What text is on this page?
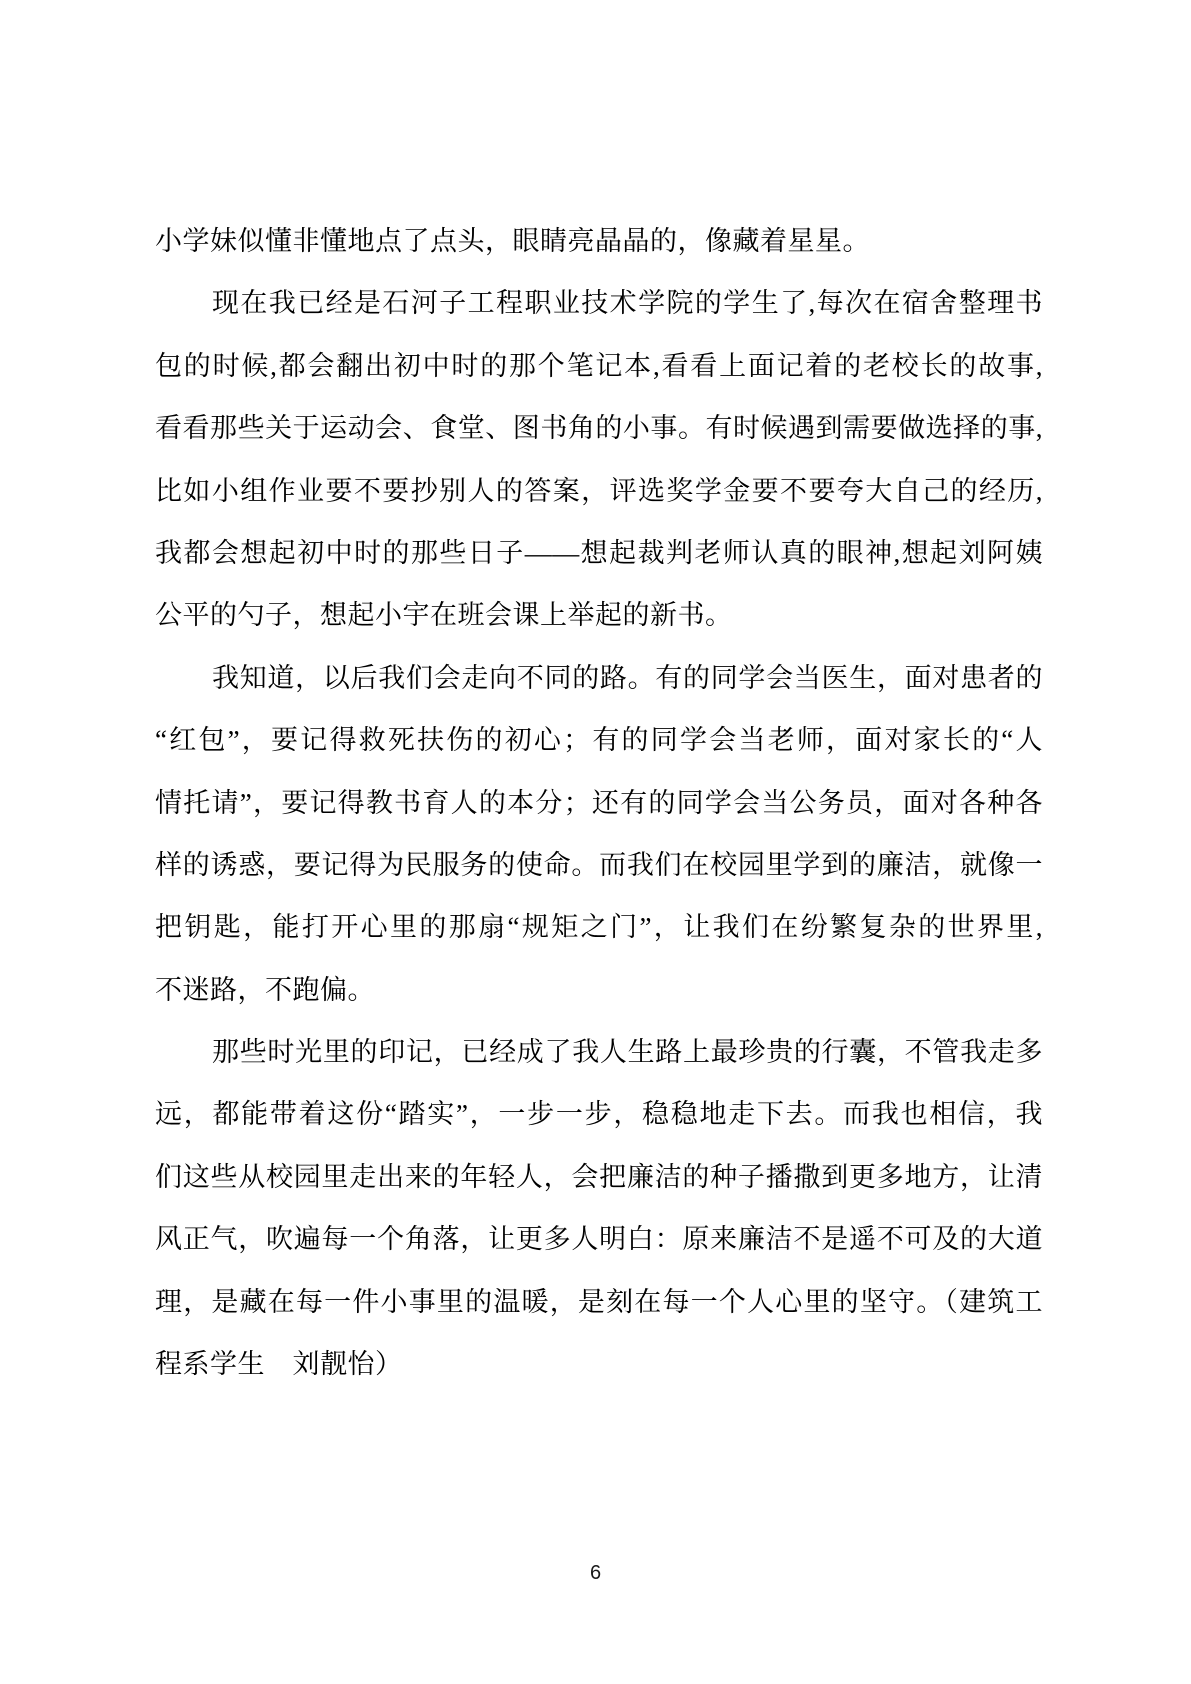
小学妹似懂非懂地点了点头，眼睛亮晶晶的，像藏着星星。
现在我已经是石河子工程职业技术学院的学生了,每次在宿舍整理书
包的时候,都会翻出初中时的那个笔记本,看看上面记着的老校长的故事,
看看那些关于运动会、食堂、图书角的小事。有时候遇到需要做选择的事,
比如小组作业要不要抄别人的答案，评选奖学金要不要夸大自己的经历,
我都会想起初中时的那些日子——想起裁判老师认真的眼神,想起刘阿姨
公平的勺子，想起小宇在班会课上举起的新书。
我知道，以后我们会走向不同的路。有的同学会当医生，面对患者的
“红包”，要记得救死扶伤的初心；有的同学会当老师，面对家长的“人
情托请”，要记得教书育人的本分；还有的同学会当公务员，面对各种各
样的诱惑，要记得为民服务的使命。而我们在校园里学到的廉洁，就像一
把钥匙，能打开心里的那扇“规矩之门”，让我们在纷繁复杂的世界里,
不迷路，不跑偏。
那些时光里的印记，已经成了我人生路上最珍贵的行囊，不管我走多
远，都能带着这份“踏实”，一步一步，稳稳地走下去。而我也相信，我
们这些从校园里走出来的年轻人，会把廉洁的种子播撒到更多地方，让清
风正气，吹遍每一个角落，让更多人明白：原来廉洁不是遥不可及的大道
理，是藏在每一件小事里的温暖，是刻在每一个人心里的坚守。（建筑工
程系学生　刘靓怡）
6
